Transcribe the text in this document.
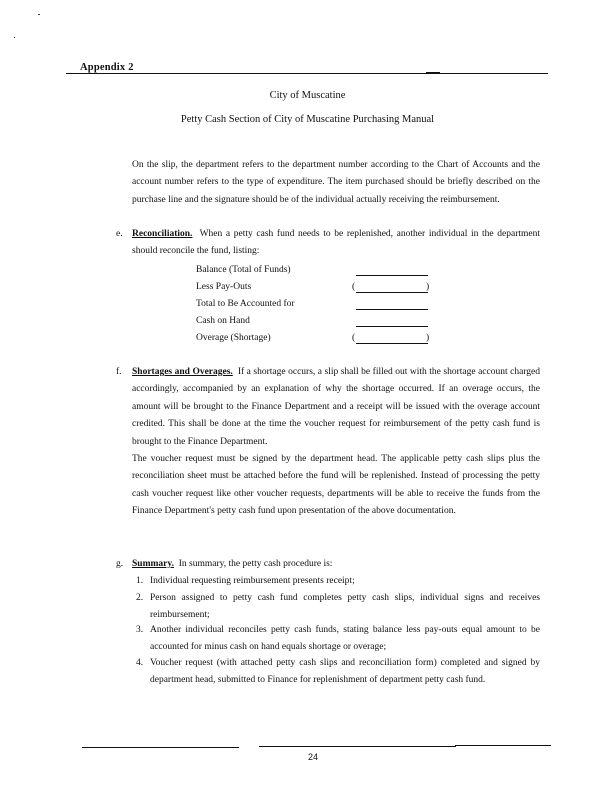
Appendix 2
City of Muscatine
Petty Cash Section of City of Muscatine Purchasing Manual
On the slip, the department refers to the department number according to the Chart of Accounts and the account number refers to the type of expenditure. The item purchased should be briefly described on the purchase line and the signature should be of the individual actually receiving the reimbursement.
e. Reconciliation. When a petty cash fund needs to be replenished, another individual in the department should reconcile the fund, listing:
Balance (Total of Funds)
Less Pay-Outs	(	)
Total to Be Accounted for
Cash on Hand
Overage (Shortage)	(	)
f. Shortages and Overages. If a shortage occurs, a slip shall be filled out with the shortage account charged accordingly, accompanied by an explanation of why the shortage occurred. If an overage occurs, the amount will be brought to the Finance Department and a receipt will be issued with the overage account credited. This shall be done at the time the voucher request for reimbursement of the petty cash fund is brought to the Finance Department.
The voucher request must be signed by the department head. The applicable petty cash slips plus the reconciliation sheet must be attached before the fund will be replenished. Instead of processing the petty cash voucher request like other voucher requests, departments will be able to receive the funds from the Finance Department's petty cash fund upon presentation of the above documentation.
g. Summary. In summary, the petty cash procedure is:
1. Individual requesting reimbursement presents receipt;
2. Person assigned to petty cash fund completes petty cash slips, individual signs and receives reimbursement;
3. Another individual reconciles petty cash funds, stating balance less pay-outs equal amount to be accounted for minus cash on hand equals shortage or overage;
4. Voucher request (with attached petty cash slips and reconciliation form) completed and signed by department head, submitted to Finance for replenishment of department petty cash fund.
24
